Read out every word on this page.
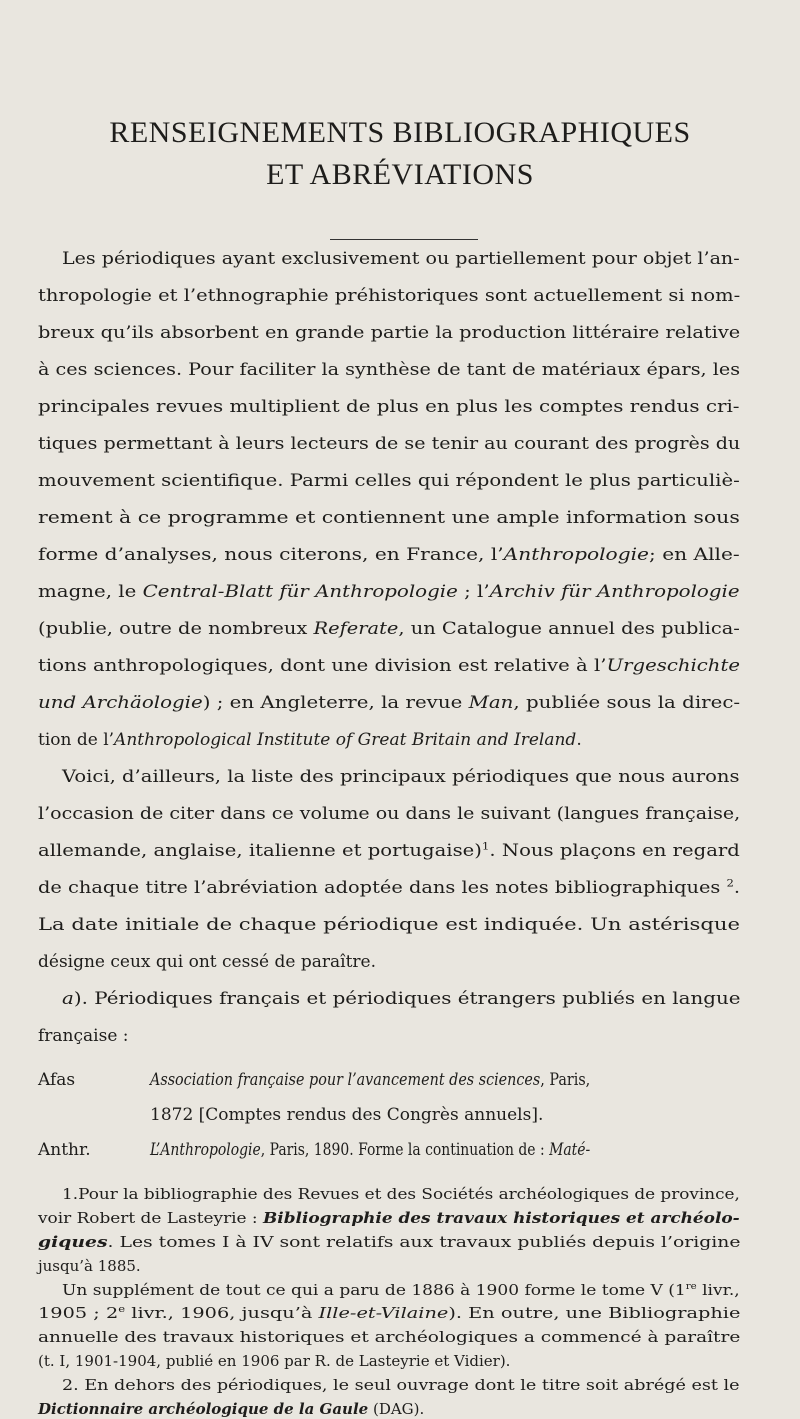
RENSEIGNEMENTS BIBLIOGRAPHIQUES
ET ABRÉVIATIONS
Les périodiques ayant exclusivement ou partiellement pour objet l’an-
thropologie et l’ethnographie préhistoriques sont actuellement si nom-
breux qu’ils absorbent en grande partie la production littéraire relative
à ces sciences. Pour faciliter la synthèse de tant de matériaux épars, les
principales revues multiplient de plus en plus les comptes rendus cri-
tiques permettant à leurs lecteurs de se tenir au courant des progrès du
mouvement scientifique. Parmi celles qui répondent le plus particuliè-
rement à ce programme et contiennent une ample information sous
forme d’analyses, nous citerons, en France, l’Anthropologie; en Alle-
magne, le Central-Blatt für Anthropologie ; l’Archiv für Anthropologie
(publie, outre de nombreux Referate, un Catalogue annuel des publica-
tions anthropologiques, dont une division est relative à l’Urgeschichte
und Archäologie) ; en Angleterre, la revue Man, publiée sous la direc-
tion de l’Anthropological Institute of Great Britain and Ireland.
Voici, d’ailleurs, la liste des principaux périodiques que nous aurons
l’occasion de citer dans ce volume ou dans le suivant (langues française,
allemande, anglaise, italienne et portugaise)$^1$. Nous plaçons en regard
de chaque titre l’abréviation adoptée dans les notes bibliographiques $^2$.
La date initiale de chaque périodique est indiquée. Un astérisque
désigne ceux qui ont cessé de paraître.
a). Périodiques français et périodiques étrangers publiés en langue
française :
Afas	Association française pour l’avancement des sciences, Paris,
1872 [Comptes rendus des Congrès annuels].
Anthr.	L’Anthropologie, Paris, 1890. Forme la continuation de : Maté-
1.Pour la bibliographie des Revues et des Sociétés archéologiques de province,
voir Robert de Lasteyrie : Bibliographie des travaux historiques et archéolo-
giques. Les tomes I à IV sont relatifs aux travaux publiés depuis l’origine
jusqu’à 1885.
Un supplément de tout ce qui a paru de 1886 à 1900 forme le tome V (1re livr.,
1905 ; 2e livr., 1906, jusqu’à Ille-et-Vilaine). En outre, une Bibliographie
annuelle des travaux historiques et archéologiques a commencé à paraître
(t. I, 1901-1904, publié en 1906 par R. de Lasteyrie et Vidier).
2. En dehors des périodiques, le seul ouvrage dont le titre soit abrégé est le
Dictionnaire archéologique de la Gaule (DAG).
